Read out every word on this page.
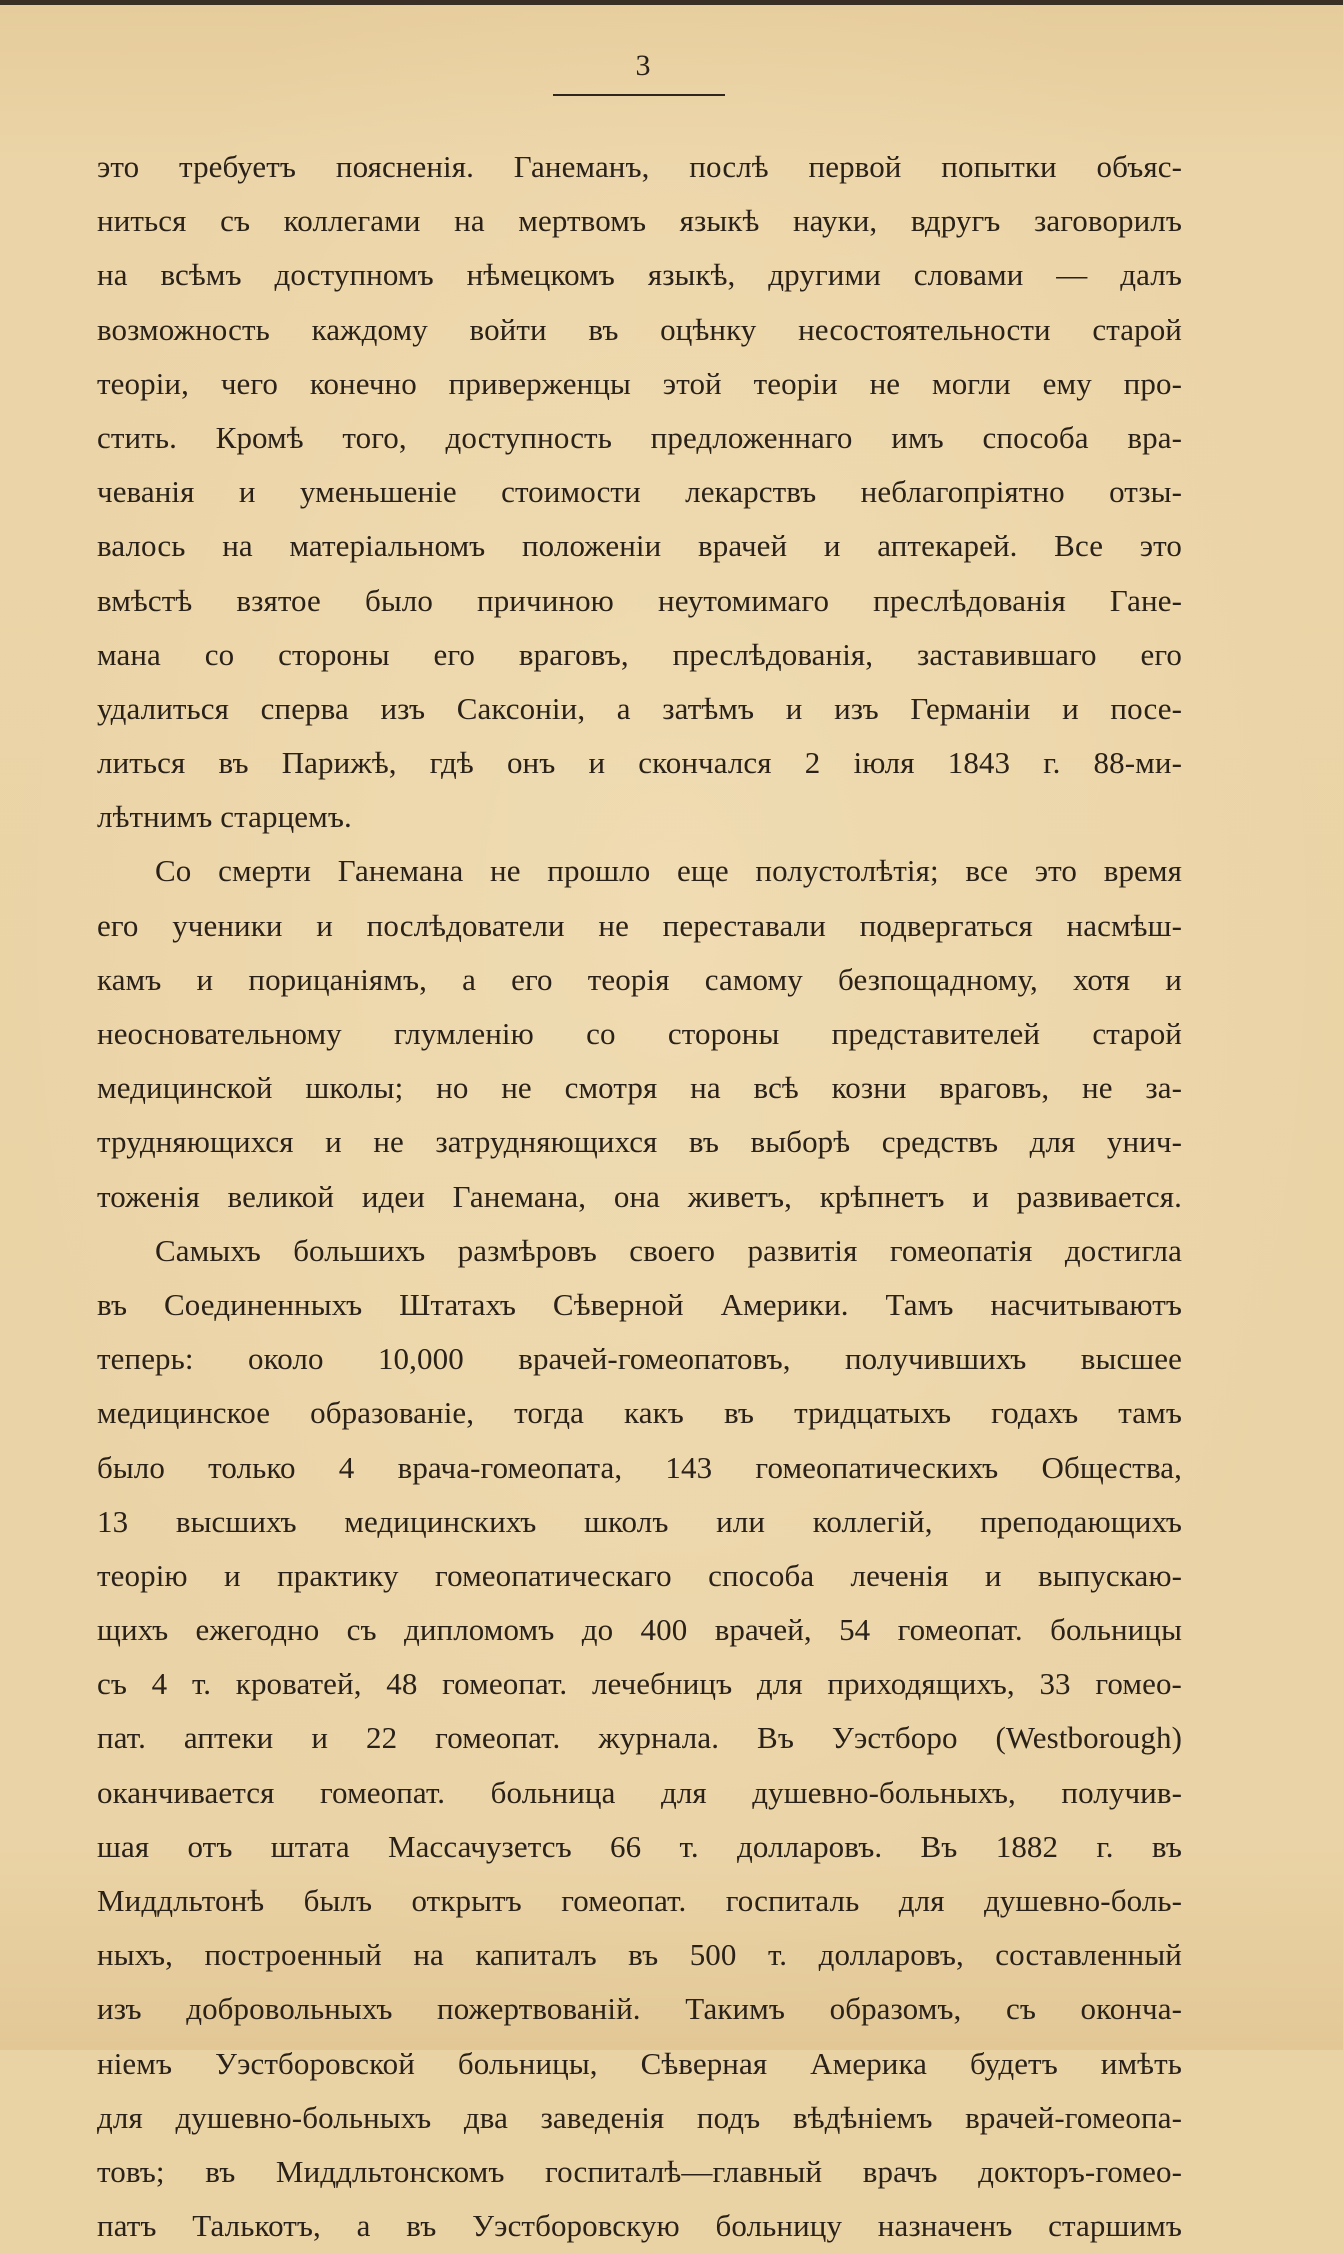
3
это требуетъ поясненія. Ганеманъ, послѣ первой попытки объяс-
ниться съ коллегами на мертвомъ языкѣ науки, вдругъ заговорилъ
на всѣмъ доступномъ нѣмецкомъ языкѣ, другими словами — далъ
возможность каждому войти въ оцѣнку несостоятельности старой
теоріи, чего конечно приверженцы этой теоріи не могли ему про-
стить. Кромѣ того, доступность предложеннаго имъ способа вра-
чеванія и уменьшеніе стоимости лекарствъ неблагопріятно отзы-
валось на матеріальномъ положеніи врачей и аптекарей. Все это
вмѣстѣ взятое было причиною неутомимаго преслѣдованія Гане-
мана со стороны его враговъ, преслѣдованія, заставившаго его
удалиться сперва изъ Саксоніи, а затѣмъ и изъ Германіи и посе-
литься въ Парижѣ, гдѣ онъ и скончался 2 іюля 1843 г. 88-ми-
лѣтнимъ старцемъ.
Со смерти Ганемана не прошло еще полустолѣтія; все это время
его ученики и послѣдователи не переставали подвергаться насмѣш-
камъ и порицаніямъ, а его теорія самому безпощадному, хотя и
неосновательному глумленію со стороны представителей старой
медицинской школы; но не смотря на всѣ козни враговъ, не за-
трудняющихся и не затрудняющихся въ выборѣ средствъ для унич-
тоженія великой идеи Ганемана, она живетъ, крѣпнетъ и развивается.
Самыхъ большихъ размѣровъ своего развитія гомеопатія достигла
въ Соединенныхъ Штатахъ Сѣверной Америки. Тамъ насчитываютъ
теперь: около 10,000 врачей-гомеопатовъ, получившихъ высшее
медицинское образованіе, тогда какъ въ тридцатыхъ годахъ тамъ
было только 4 врача-гомеопата, 143 гомеопатическихъ Общества,
13 высшихъ медицинскихъ школъ или коллегій, преподающихъ
теорію и практику гомеопатическаго способа леченія и выпускаю-
щихъ ежегодно съ дипломомъ до 400 врачей, 54 гомеопат. больницы
съ 4 т. кроватей, 48 гомеопат. лечебницъ для приходящихъ, 33 гомео-
пат. аптеки и 22 гомеопат. журнала. Въ Уэстборо (Westborough)
оканчивается гомеопат. больница для душевно-больныхъ, получив-
шая отъ штата Массачузетсъ 66 т. долларовъ. Въ 1882 г. въ
Миддльтонѣ былъ открытъ гомеопат. госпиталь для душевно-боль-
ныхъ, построенный на капиталъ въ 500 т. долларовъ, составленный
изъ добровольныхъ пожертвованій. Такимъ образомъ, съ оконча-
ніемъ Уэстборовской больницы, Сѣверная Америка будетъ имѣть
для душевно-больныхъ два заведенія подъ вѣдѣніемъ врачей-гомеопа-
товъ; въ Миддльтонскомъ госпиталѣ—главный врачъ докторъ-гомео-
патъ Талькотъ, а въ Уэстборовскую больницу назначенъ старшимъ
